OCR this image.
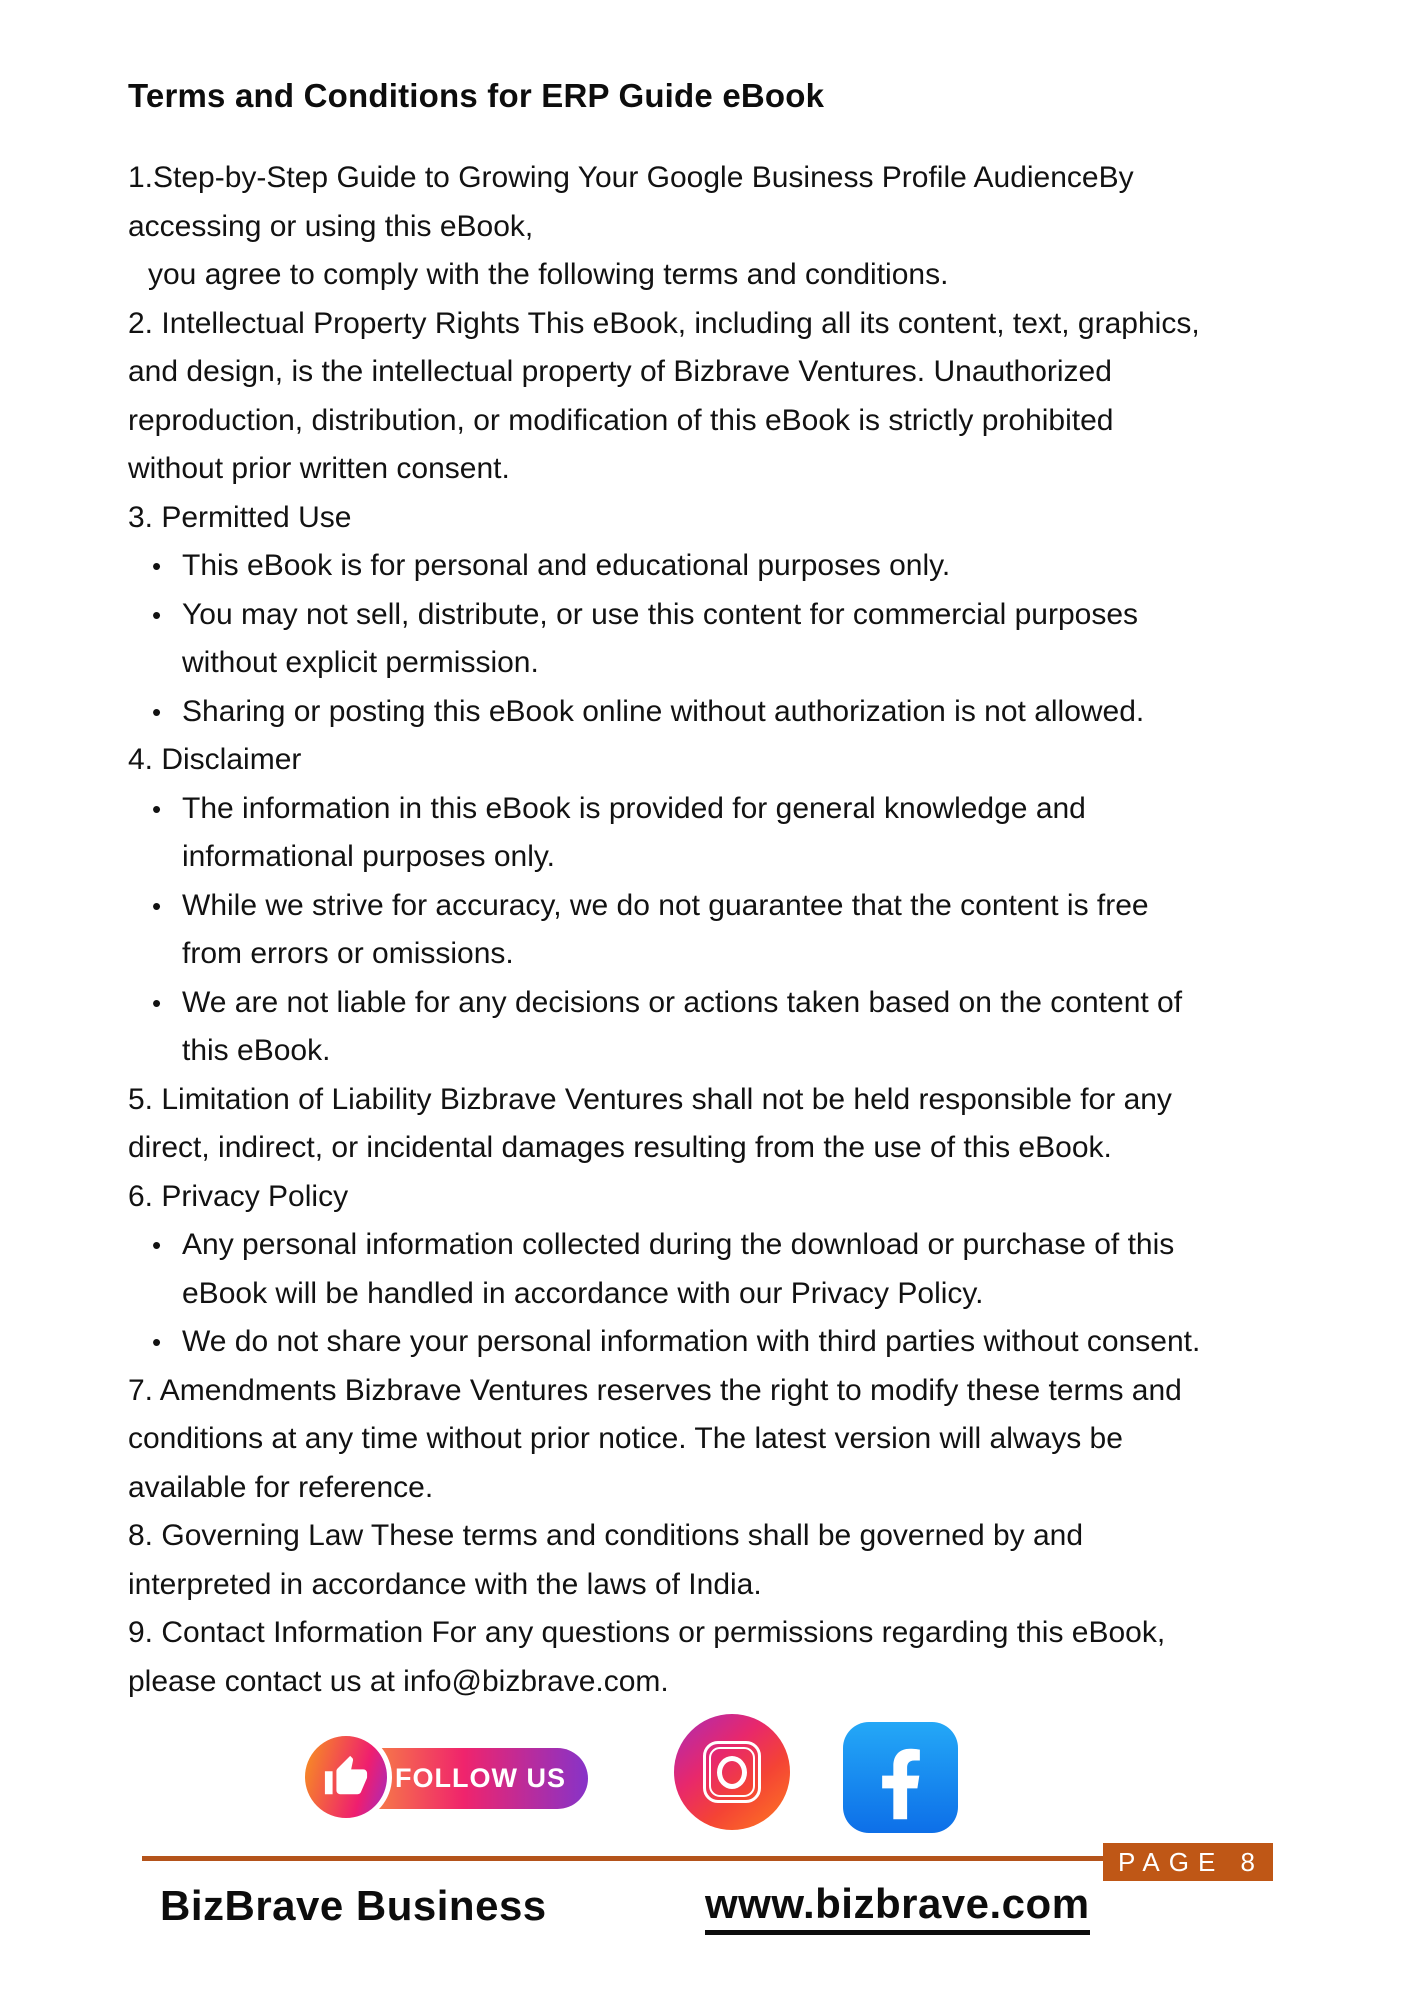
Terms and Conditions for ERP Guide eBook
1.Step-by-Step Guide to Growing Your Google Business Profile AudienceBy
accessing or using this eBook,
you agree to comply with the following terms and conditions.
2. Intellectual Property Rights This eBook, including all its content, text, graphics,
and design, is the intellectual property of Bizbrave Ventures. Unauthorized
reproduction, distribution, or modification of this eBook is strictly prohibited
without prior written consent.
3. Permitted Use
• This eBook is for personal and educational purposes only.
• You may not sell, distribute, or use this content for commercial purposes
without explicit permission.
• Sharing or posting this eBook online without authorization is not allowed.
4. Disclaimer
• The information in this eBook is provided for general knowledge and
informational purposes only.
• While we strive for accuracy, we do not guarantee that the content is free
from errors or omissions.
• We are not liable for any decisions or actions taken based on the content of
this eBook.
5. Limitation of Liability Bizbrave Ventures shall not be held responsible for any
direct, indirect, or incidental damages resulting from the use of this eBook.
6. Privacy Policy
• Any personal information collected during the download or purchase of this
eBook will be handled in accordance with our Privacy Policy.
• We do not share your personal information with third parties without consent.
7. Amendments Bizbrave Ventures reserves the right to modify these terms and
conditions at any time without prior notice. The latest version will always be
available for reference.
8. Governing Law These terms and conditions shall be governed by and
interpreted in accordance with the laws of India.
9. Contact Information For any questions or permissions regarding this eBook,
please contact us at info@bizbrave.com.
FOLLOW US
PAGE 8
BizBrave Business	www.bizbrave.com
